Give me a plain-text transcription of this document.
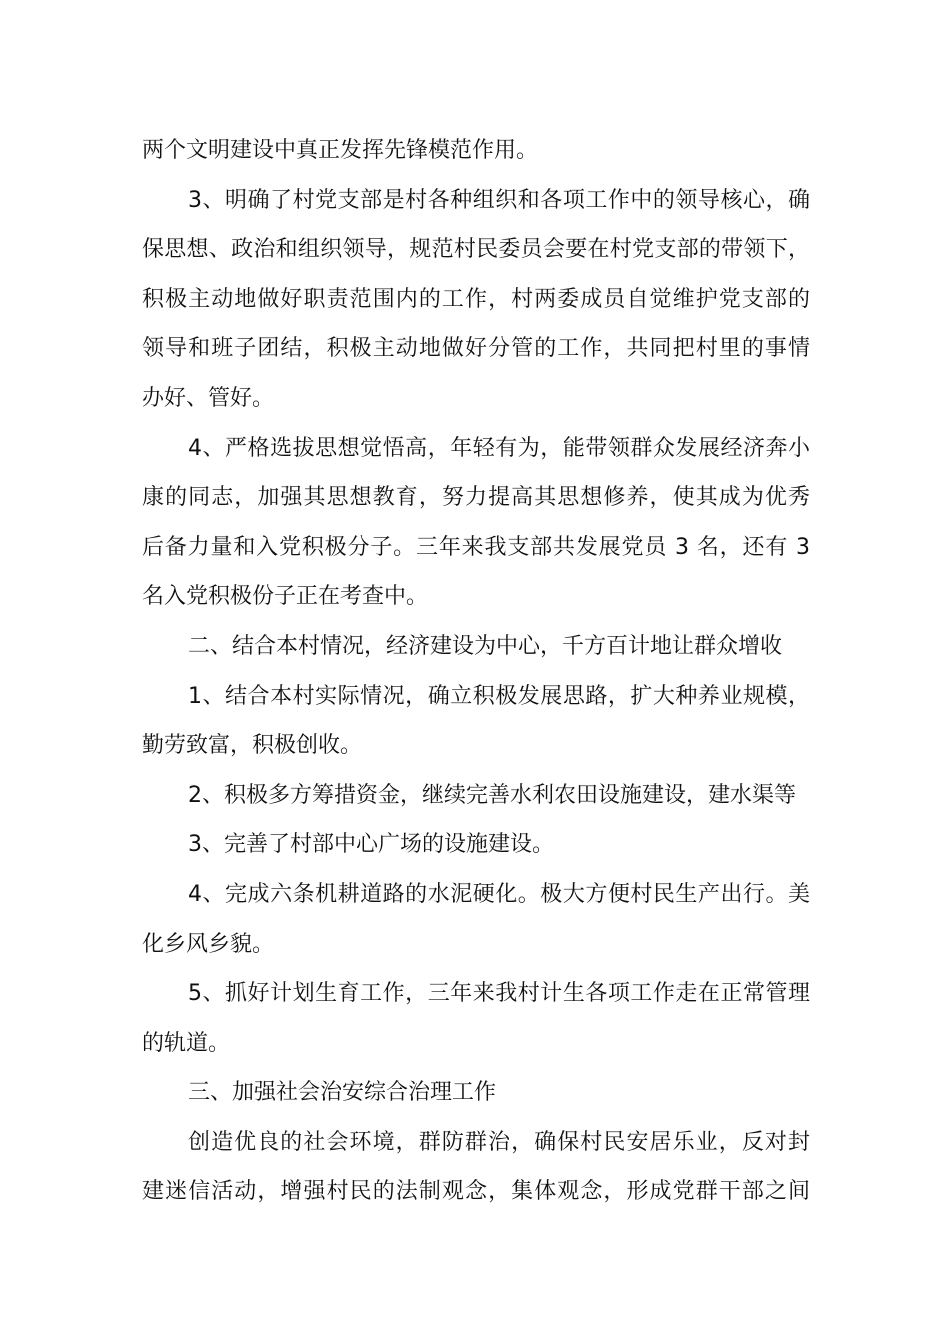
两个文明建设中真正发挥先锋模范作用。
3、明确了村党支部是村各种组织和各项工作中的领导核心，确
保思想、政治和组织领导，规范村民委员会要在村党支部的带领下，
积极主动地做好职责范围内的工作，村两委成员自觉维护党支部的
领导和班子团结，积极主动地做好分管的工作，共同把村里的事情
办好、管好。
4、严格选拔思想觉悟高，年轻有为，能带领群众发展经济奔小
康的同志，加强其思想教育，努力提高其思想修养，使其成为优秀
后备力量和入党积极分子。三年来我支部共发展党员 3 名，还有 3
名入党积极份子正在考查中。
二、结合本村情况，经济建设为中心，千方百计地让群众增收
1、结合本村实际情况，确立积极发展思路，扩大种养业规模，
勤劳致富，积极创收。
2、积极多方筹措资金，继续完善水利农田设施建设，建水渠等
3、完善了村部中心广场的设施建设。
4、完成六条机耕道路的水泥硬化。极大方便村民生产出行。美
化乡风乡貌。
5、抓好计划生育工作，三年来我村计生各项工作走在正常管理
的轨道。
三、加强社会治安综合治理工作
创造优良的社会环境，群防群治，确保村民安居乐业，反对封
建迷信活动，增强村民的法制观念，集体观念，形成党群干部之间
